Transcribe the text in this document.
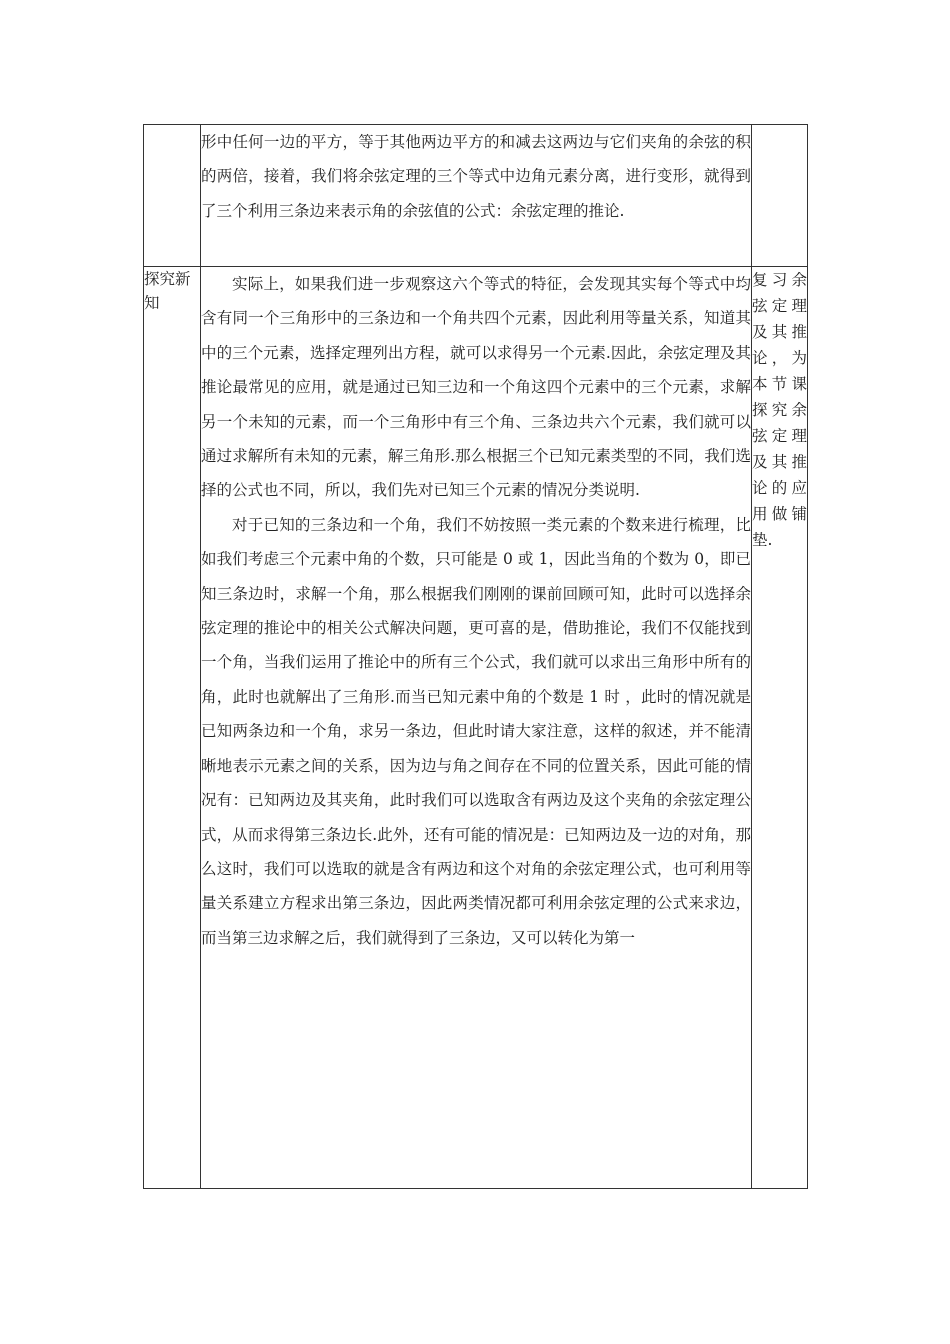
	形中任何一边的平方，等于其他两边平方的和减去这两边与它们夹角的余弦的积的两倍，接着，我们将余弦定理的三个等式中边角元素分离，进行变形，就得到了三个利用三条边来表示角的余弦值的公式：余弦定理的推论.	

探究新知	实际上，如果我们进一步观察这六个等式的特征，会发现其实每个等式中均含有同一个三角形中的三条边和一个角共四个元素，因此利用等量关系，知道其中的三个元素，选择定理列出方程，就可以求得另一个元素.因此，余弦定理及其推论最常见的应用，就是通过已知三边和一个角这四个元素中的三个元素，求解另一个未知的元素，而一个三角形中有三个角、三条边共六个元素，我们就可以通过求解所有未知的元素，解三角形.那么根据三个已知元素类型的不同，我们选择的公式也不同，所以，我们先对已知三个元素的情况分类说明.

对于已知的三条边和一个角，我们不妨按照一类元素的个数来进行梳理，比如我们考虑三个元素中角的个数，只可能是 0 或 1，因此当角的个数为 0，即已知三条边时，求解一个角，那么根据我们刚刚的课前回顾可知，此时可以选择余弦定理的推论中的相关公式解决问题，更可喜的是，借助推论，我们不仅能找到一个角，当我们运用了推论中的所有三个公式，我们就可以求出三角形中所有的角，此时也就解出了三角形.而当已知元素中角的个数是 1 时 ，此时的情况就是已知两条边和一个角，求另一条边，但此时请大家注意，这样的叙述，并不能清晰地表示元素之间的关系，因为边与角之间存在不同的位置关系，因此可能的情况有：已知两边及其夹角，此时我们可以选取含有两边及这个夹角的余弦定理公式，从而求得第三条边长.此外，还有可能的情况是：已知两边及一边的对角，那么这时，我们可以选取的就是含有两边和这个对角的余弦定理公式，也可利用等量关系建立方程求出第三条边，因此两类情况都可利用余弦定理的公式来求边，而当第三边求解之后，我们就得到了三条边，又可以转化为第一	复习余弦定理及其推论，为本节课探究余弦定理及其推论的应用做铺垫.
